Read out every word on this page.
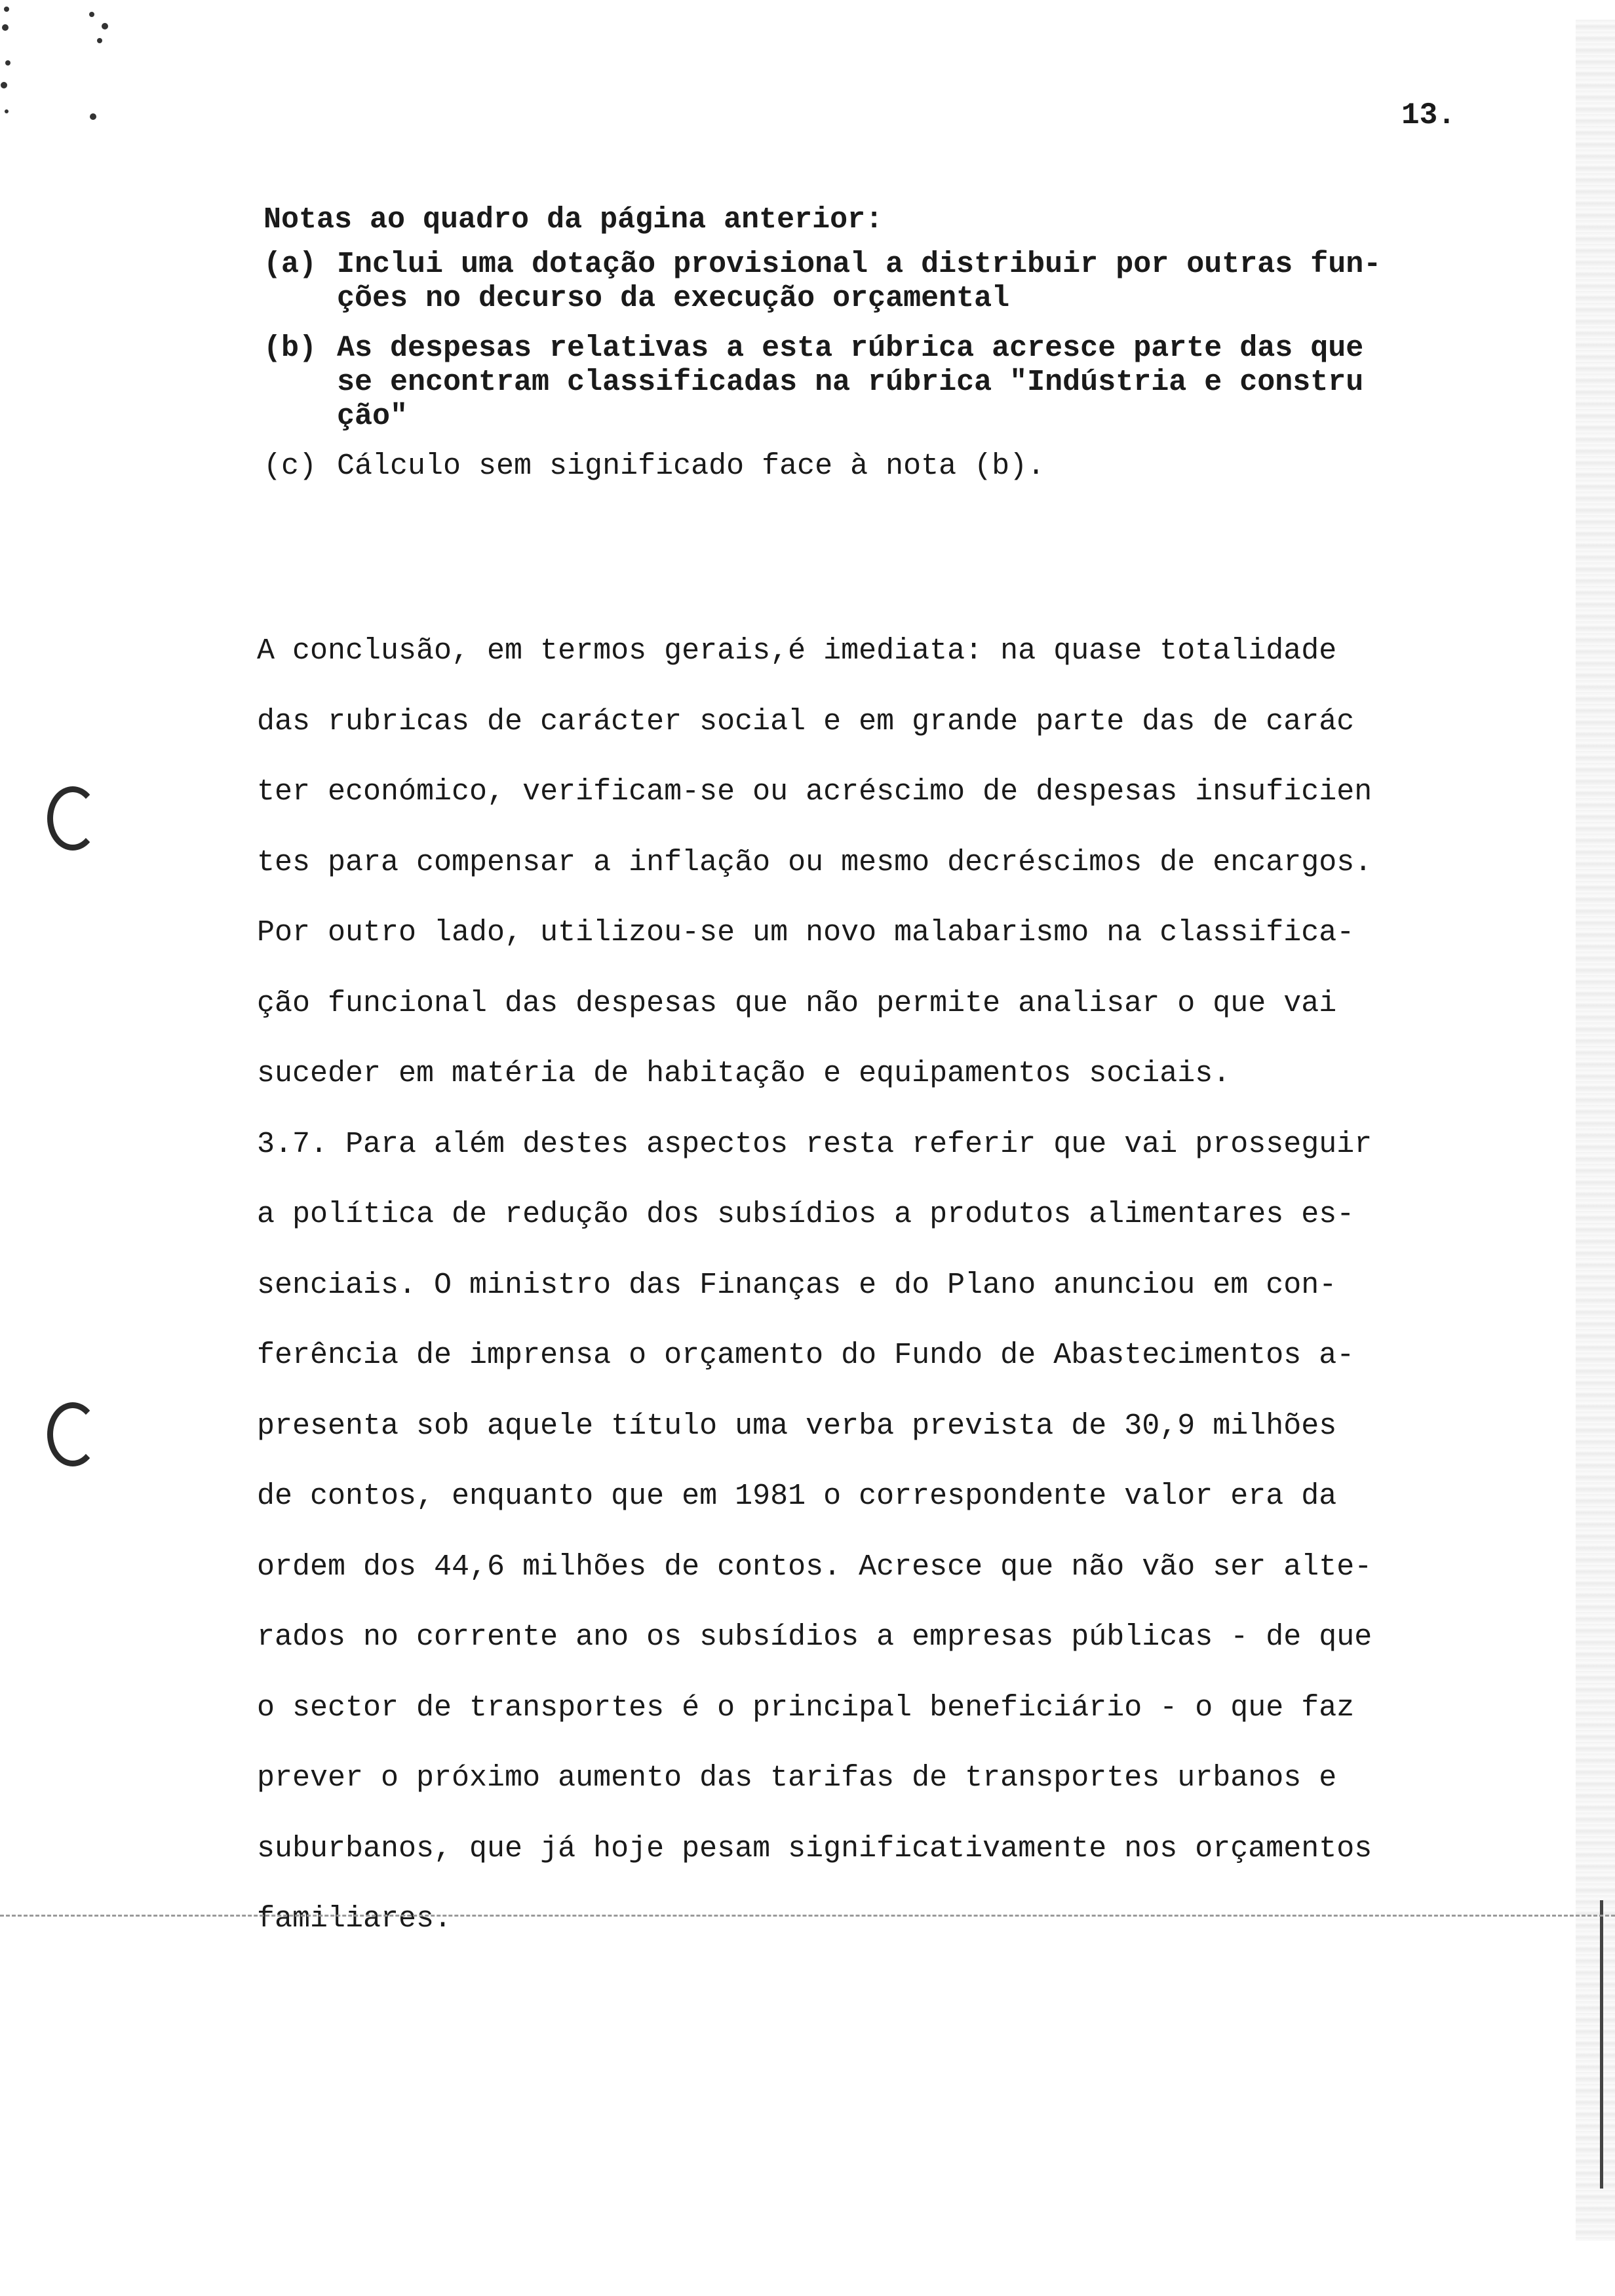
13.
Notas ao quadro da página anterior:
(a) Inclui uma dotação provisional a distribuir por outras fun-
ções no decurso da execução orçamental
(b) As despesas relativas a esta rúbrica acresce parte das que
se encontram classificadas na rúbrica "Indústria e constru
ção"
(c) Cálculo sem significado face à nota (b).
A conclusão, em termos gerais,é imediata: na quase totalidade
das rubricas de carácter social e em grande parte das de carác
ter económico, verificam-se ou acréscimo de despesas insuficien
tes para compensar a inflação ou mesmo decréscimos de encargos.
Por outro lado, utilizou-se um novo malabarismo na classifica-
ção funcional das despesas que não permite analisar o que vai
suceder em matéria de habitação e equipamentos sociais.
3.7. Para além destes aspectos resta referir que vai prosseguir
a política de redução dos subsídios a produtos alimentares es-
senciais. O ministro das Finanças e do Plano anunciou em con-
ferência de imprensa o orçamento do Fundo de Abastecimentos a-
presenta sob aquele título uma verba prevista de 30,9 milhões
de contos, enquanto que em 1981 o correspondente valor era da
ordem dos 44,6 milhões de contos. Acresce que não vão ser alte-
rados no corrente ano os subsídios a empresas públicas - de que
o sector de transportes é o principal beneficiário - o que faz
prever o próximo aumento das tarifas de transportes urbanos e
suburbanos, que já hoje pesam significativamente nos orçamentos
familiares.
